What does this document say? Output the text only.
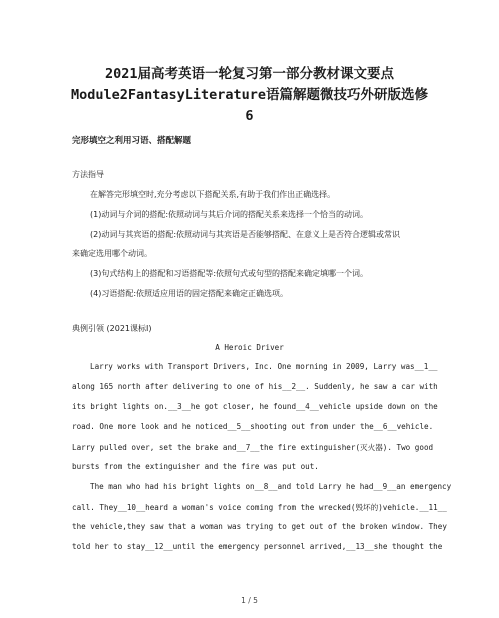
2021届高考英语一轮复习第一部分教材课文要点
Module2FantasyLiterature语篇解题微技巧外研版选修
6
完形填空之利用习语、搭配解题
方法指导
在解答完形填空时,充分考虑以下搭配关系,有助于我们作出正确选择。
(1)动词与介词的搭配:依照动词与其后介词的搭配关系来选择一个恰当的动词。
(2)动词与其宾语的搭配:依照动词与其宾语是否能够搭配、在意义上是否符合逻辑或常识
来确定选用哪个动词。
(3)句式结构上的搭配和习语搭配等:依照句式或句型的搭配来确定填哪一个词。
(4)习语搭配:依照适应用语的固定搭配来确定正确选项。
典例引领 (2021课标Ⅰ)
A Heroic Driver
Larry works with Transport Drivers, Inc. One morning in 2009, Larry was__1__
along 165 north after delivering to one of his__2__. Suddenly, he saw a car with
its bright lights on.__3__he got closer, he found__4__vehicle upside down on the
road. One more look and he noticed__5__shooting out from under the__6__vehicle.
Larry pulled over, set the brake and__7__the fire extinguisher(灭火器). Two good
bursts from the extinguisher and the fire was put out.
The man who had his bright lights on__8__and told Larry he had__9__an emergency
call. They__10__heard a woman's voice coming from the wrecked(毁坏的)vehicle.__11__
the vehicle,they saw that a woman was trying to get out of the broken window. They
told her to stay__12__until the emergency personnel arrived,__13__she thought the
1 / 5
